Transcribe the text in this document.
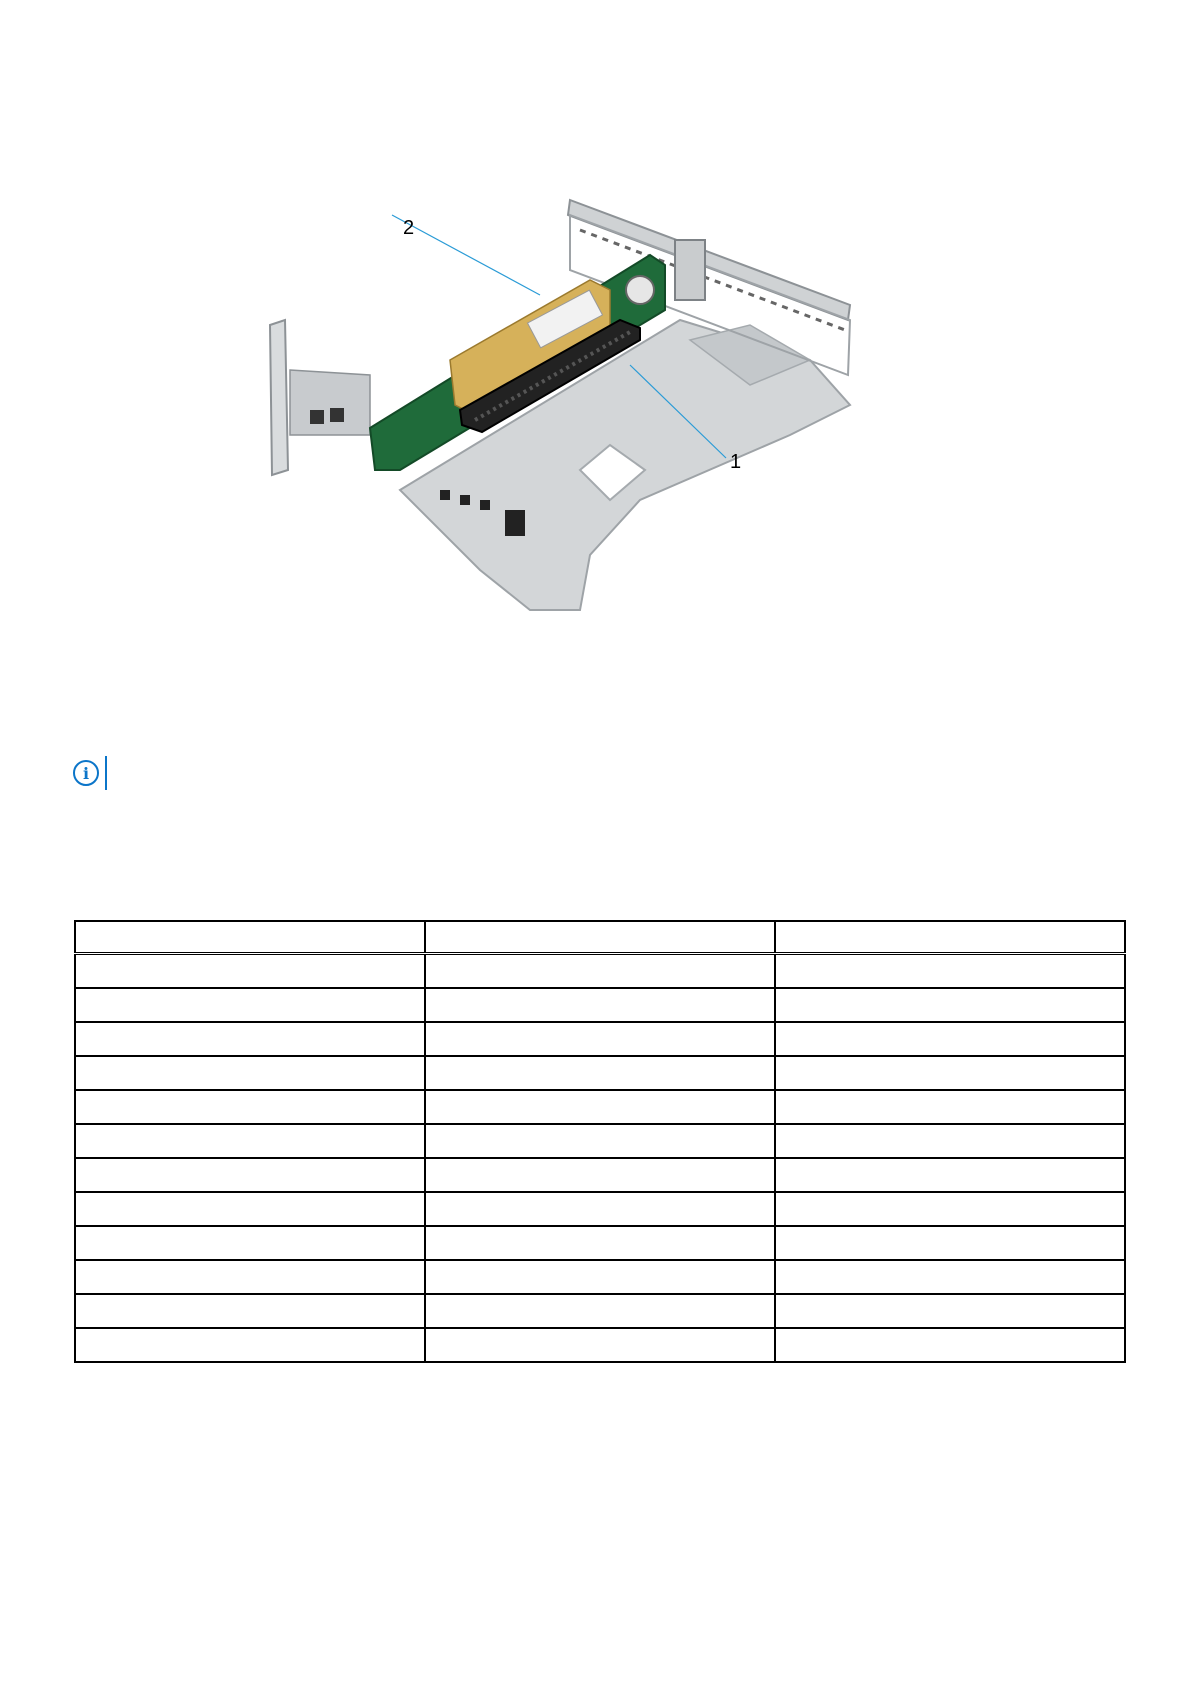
2
1
i
